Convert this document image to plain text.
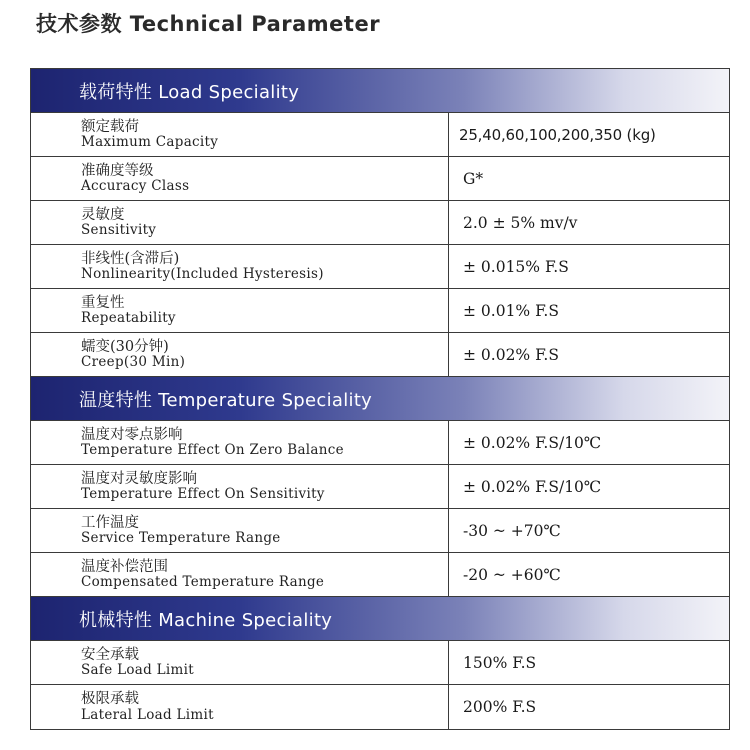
技术参数 Technical Parameter
载荷特性 Load Speciality
额定载荷
Maximum Capacity	25,40,60,100,200,350 (kg)
准确度等级
Accuracy Class	G*
灵敏度
Sensitivity	2.0 ± 5% mv/v
非线性(含滞后)
Nonlinearity(Included Hysteresis)	± 0.015% F.S
重复性
Repeatability	± 0.01% F.S
蠕变(30分钟)
Creep(30 Min)	± 0.02% F.S
温度特性 Temperature Speciality
温度对零点影响
Temperature Effect On Zero Balance	± 0.02% F.S/10℃
温度对灵敏度影响
Temperature Effect On Sensitivity	± 0.02% F.S/10℃
工作温度
Service Temperature Range	-30 ~ +70℃
温度补偿范围
Compensated Temperature Range	-20 ~ +60℃
机械特性 Machine Speciality
安全承载
Safe Load Limit	150% F.S
极限承载
Lateral Load Limit	200% F.S
